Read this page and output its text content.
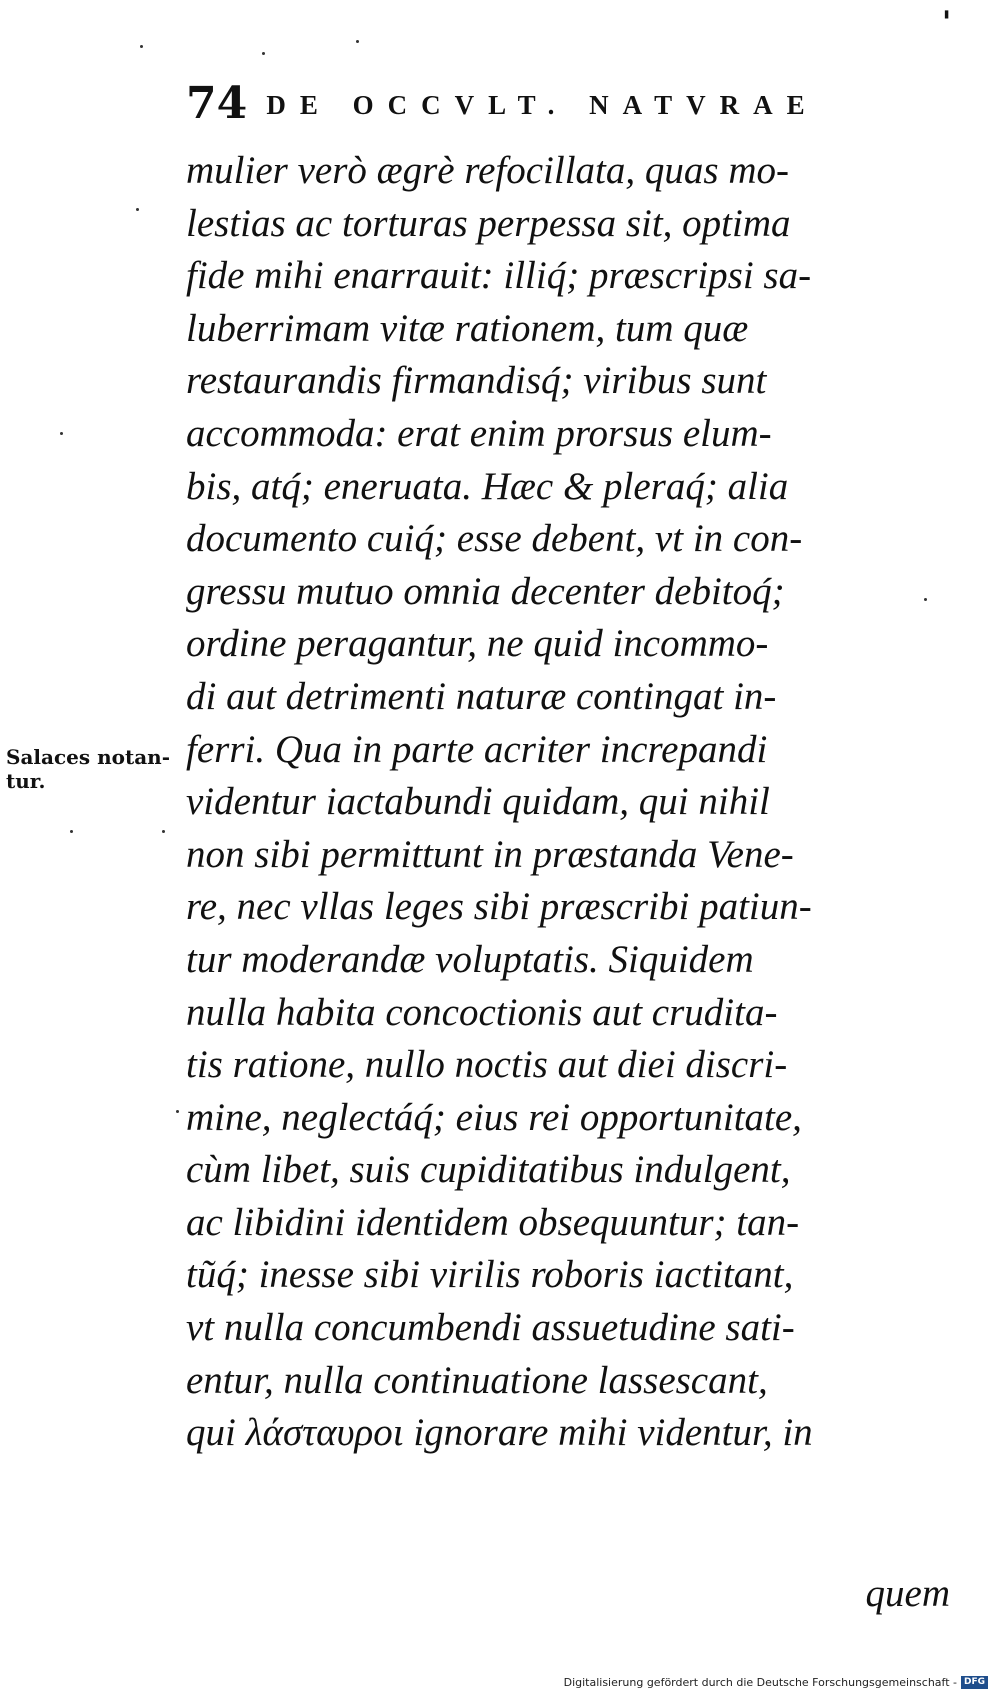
'
74 DE OCCVLT. NATVRAE
Salaces notan-
tur.
mulier verò ægrè refocillata, quas mo-
lestias ac torturas perpessa sit, optima
fide mihi enarrauit: illiq́; præscripsi sa-
luberrimam vitæ rationem, tum quæ
restaurandis firmandisq́; viribus sunt
accommoda: erat enim prorsus elum-
bis, atq́; eneruata. Hæc & pleraq́; alia
documento cuiq́; esse debent, vt in con-
gressu mutuo omnia decenter debitoq́;
ordine peragantur, ne quid incommo-
di aut detrimenti naturæ contingat in-
ferri. Qua in parte acriter increpandi
videntur iactabundi quidam, qui nihil
non sibi permittunt in præstanda Vene-
re, nec vllas leges sibi præscribi patiun-
tur moderandæ voluptatis. Siquidem
nulla habita concoctionis aut cruditа-
tis ratione, nullo noctis aut diei discri-
mine, neglectáq́; eius rei opportunitate,
cùm libet, suis cupiditatibus indulgent,
ac libidini identidem obsequuntur; tan-
tũq́; inesse sibi virilis roboris iactitant,
vt nulla concumbendi assuetudine sati-
entur, nulla continuatione lassescant,
qui λάσταυροι ignorare mihi videntur, in
quem
Digitalisierung gefördert durch die Deutsche Forschungsgemeinschaft - DFG
